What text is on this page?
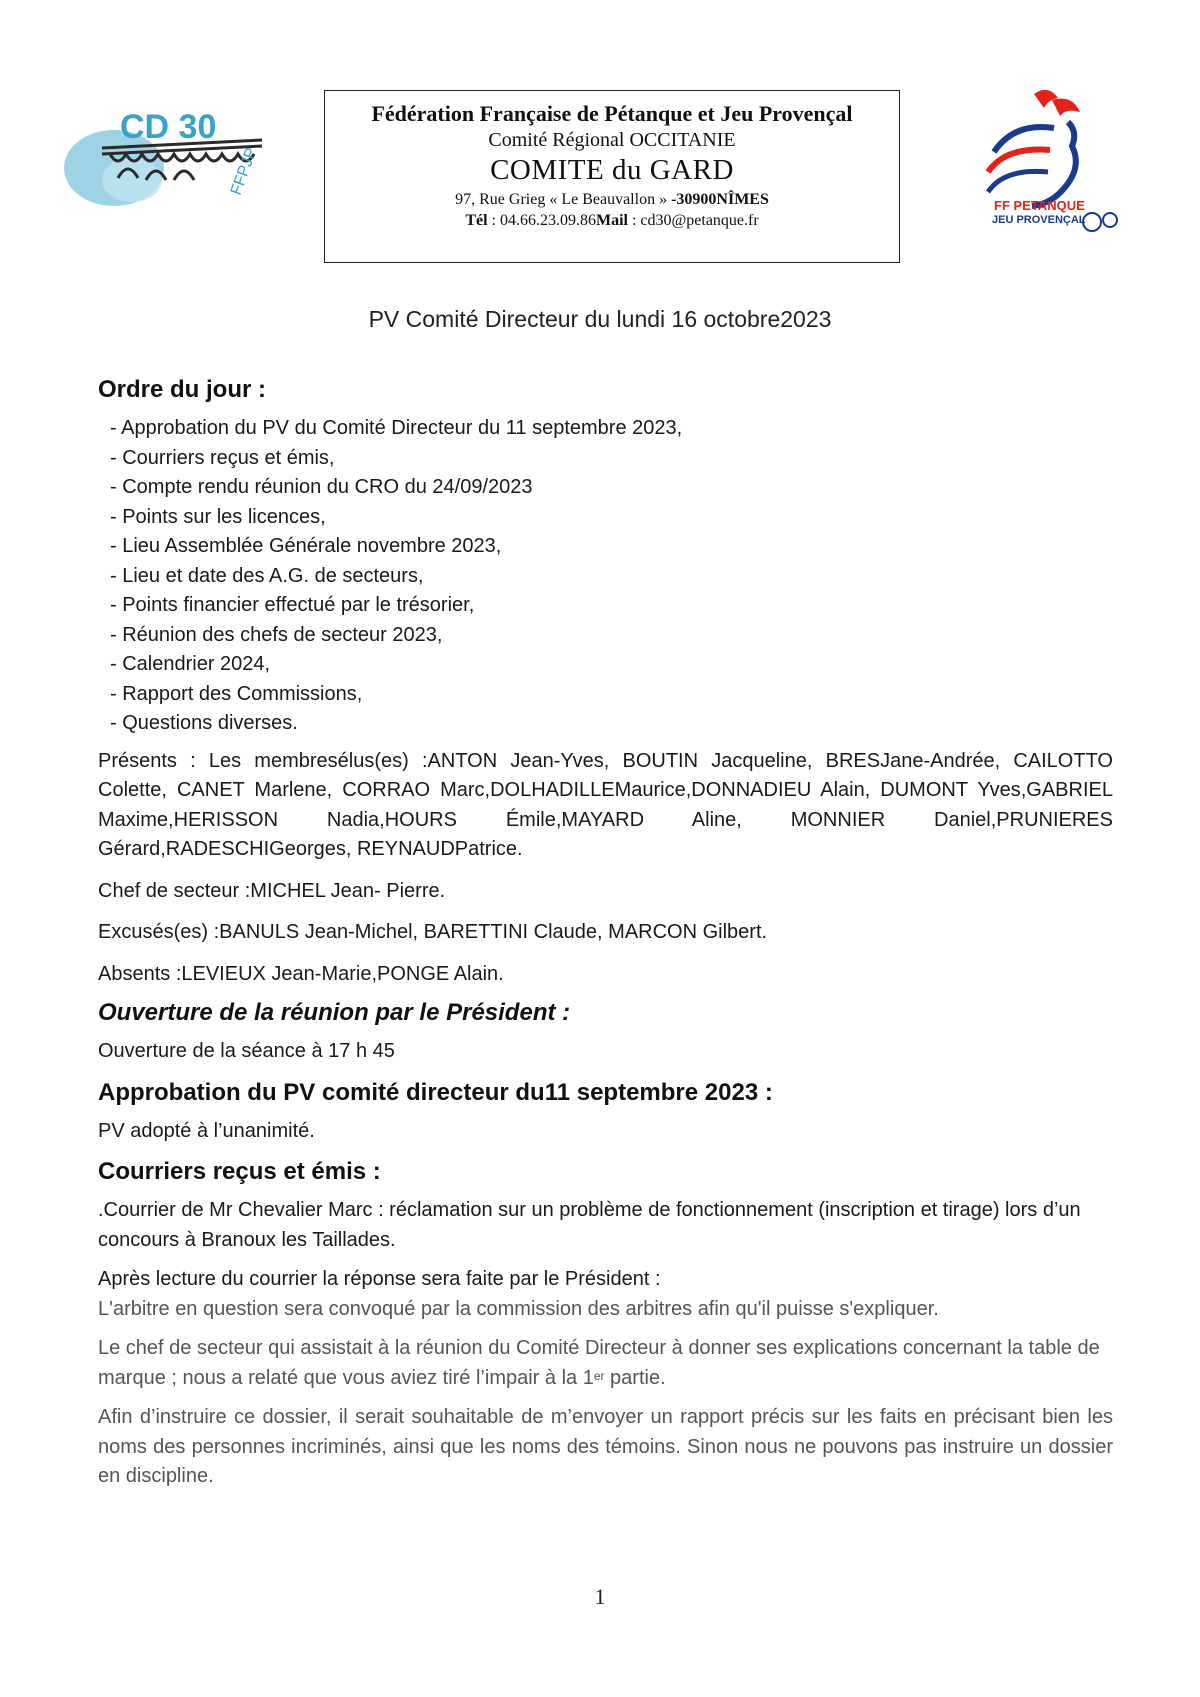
CD 30
FFPJP
Fédération Française de Pétanque et Jeu Provençal
Comité Régional OCCITANIE
COMITE du GARD
97, Rue Grieg « Le Beauvallon » -30900NÎMES
Tél : 04.66.23.09.86Mail : cd30@petanque.fr
FF PETANQUE
JEU PROVENÇAL
PV Comité Directeur du lundi 16 octobre2023
Ordre du jour :
- Approbation du PV du Comité Directeur du 11 septembre 2023,
- Courriers reçus et émis,
- Compte rendu réunion du CRO du 24/09/2023
- Points sur les licences,
- Lieu Assemblée Générale novembre 2023,
- Lieu et date des A.G. de secteurs,
- Points financier effectué par le trésorier,
- Réunion des chefs de secteur 2023,
- Calendrier 2024,
- Rapport des Commissions,
- Questions diverses.

Présents : Les membresélus(es) :ANTON Jean-Yves, BOUTIN Jacqueline, BRESJane-Andrée, CAILOTTO Colette, CANET Marlene, CORRAO Marc,DOLHADILLEMaurice,DONNADIEU Alain, DUMONT Yves,GABRIEL Maxime,HERISSON Nadia,HOURS Émile,MAYARD Aline, MONNIER Daniel,PRUNIERES Gérard,RADESCHIGeorges, REYNAUDPatrice.

Chef de secteur :MICHEL Jean- Pierre.

Excusés(es) :BANULS Jean-Michel, BARETTINI Claude, MARCON Gilbert.

Absents :LEVIEUX Jean-Marie,PONGE Alain.

Ouverture de la réunion par le Président :

Ouverture de la séance à 17 h 45

Approbation du PV comité directeur du11 septembre 2023 :

PV adopté à l’unanimité.

Courriers reçus et émis :

.Courrier de Mr Chevalier Marc : réclamation sur un problème de fonctionnement (inscription et tirage) lors d’un concours à Branoux les Taillades.

Après lecture du courrier la réponse sera faite par le Président :

L'arbitre en question sera convoqué par la commission des arbitres afin qu'il puisse s'expliquer.

Le chef de secteur qui assistait à la réunion du Comité Directeur à donner ses explications concernant la table de marque ; nous a relaté que vous aviez tiré l’impair à la 1er partie.

Afin d’instruire ce dossier, il serait souhaitable de m’envoyer un rapport précis sur les faits en précisant bien les noms des personnes incriminés, ainsi que les noms des témoins. Sinon nous ne pouvons pas instruire un dossier en discipline.

1
